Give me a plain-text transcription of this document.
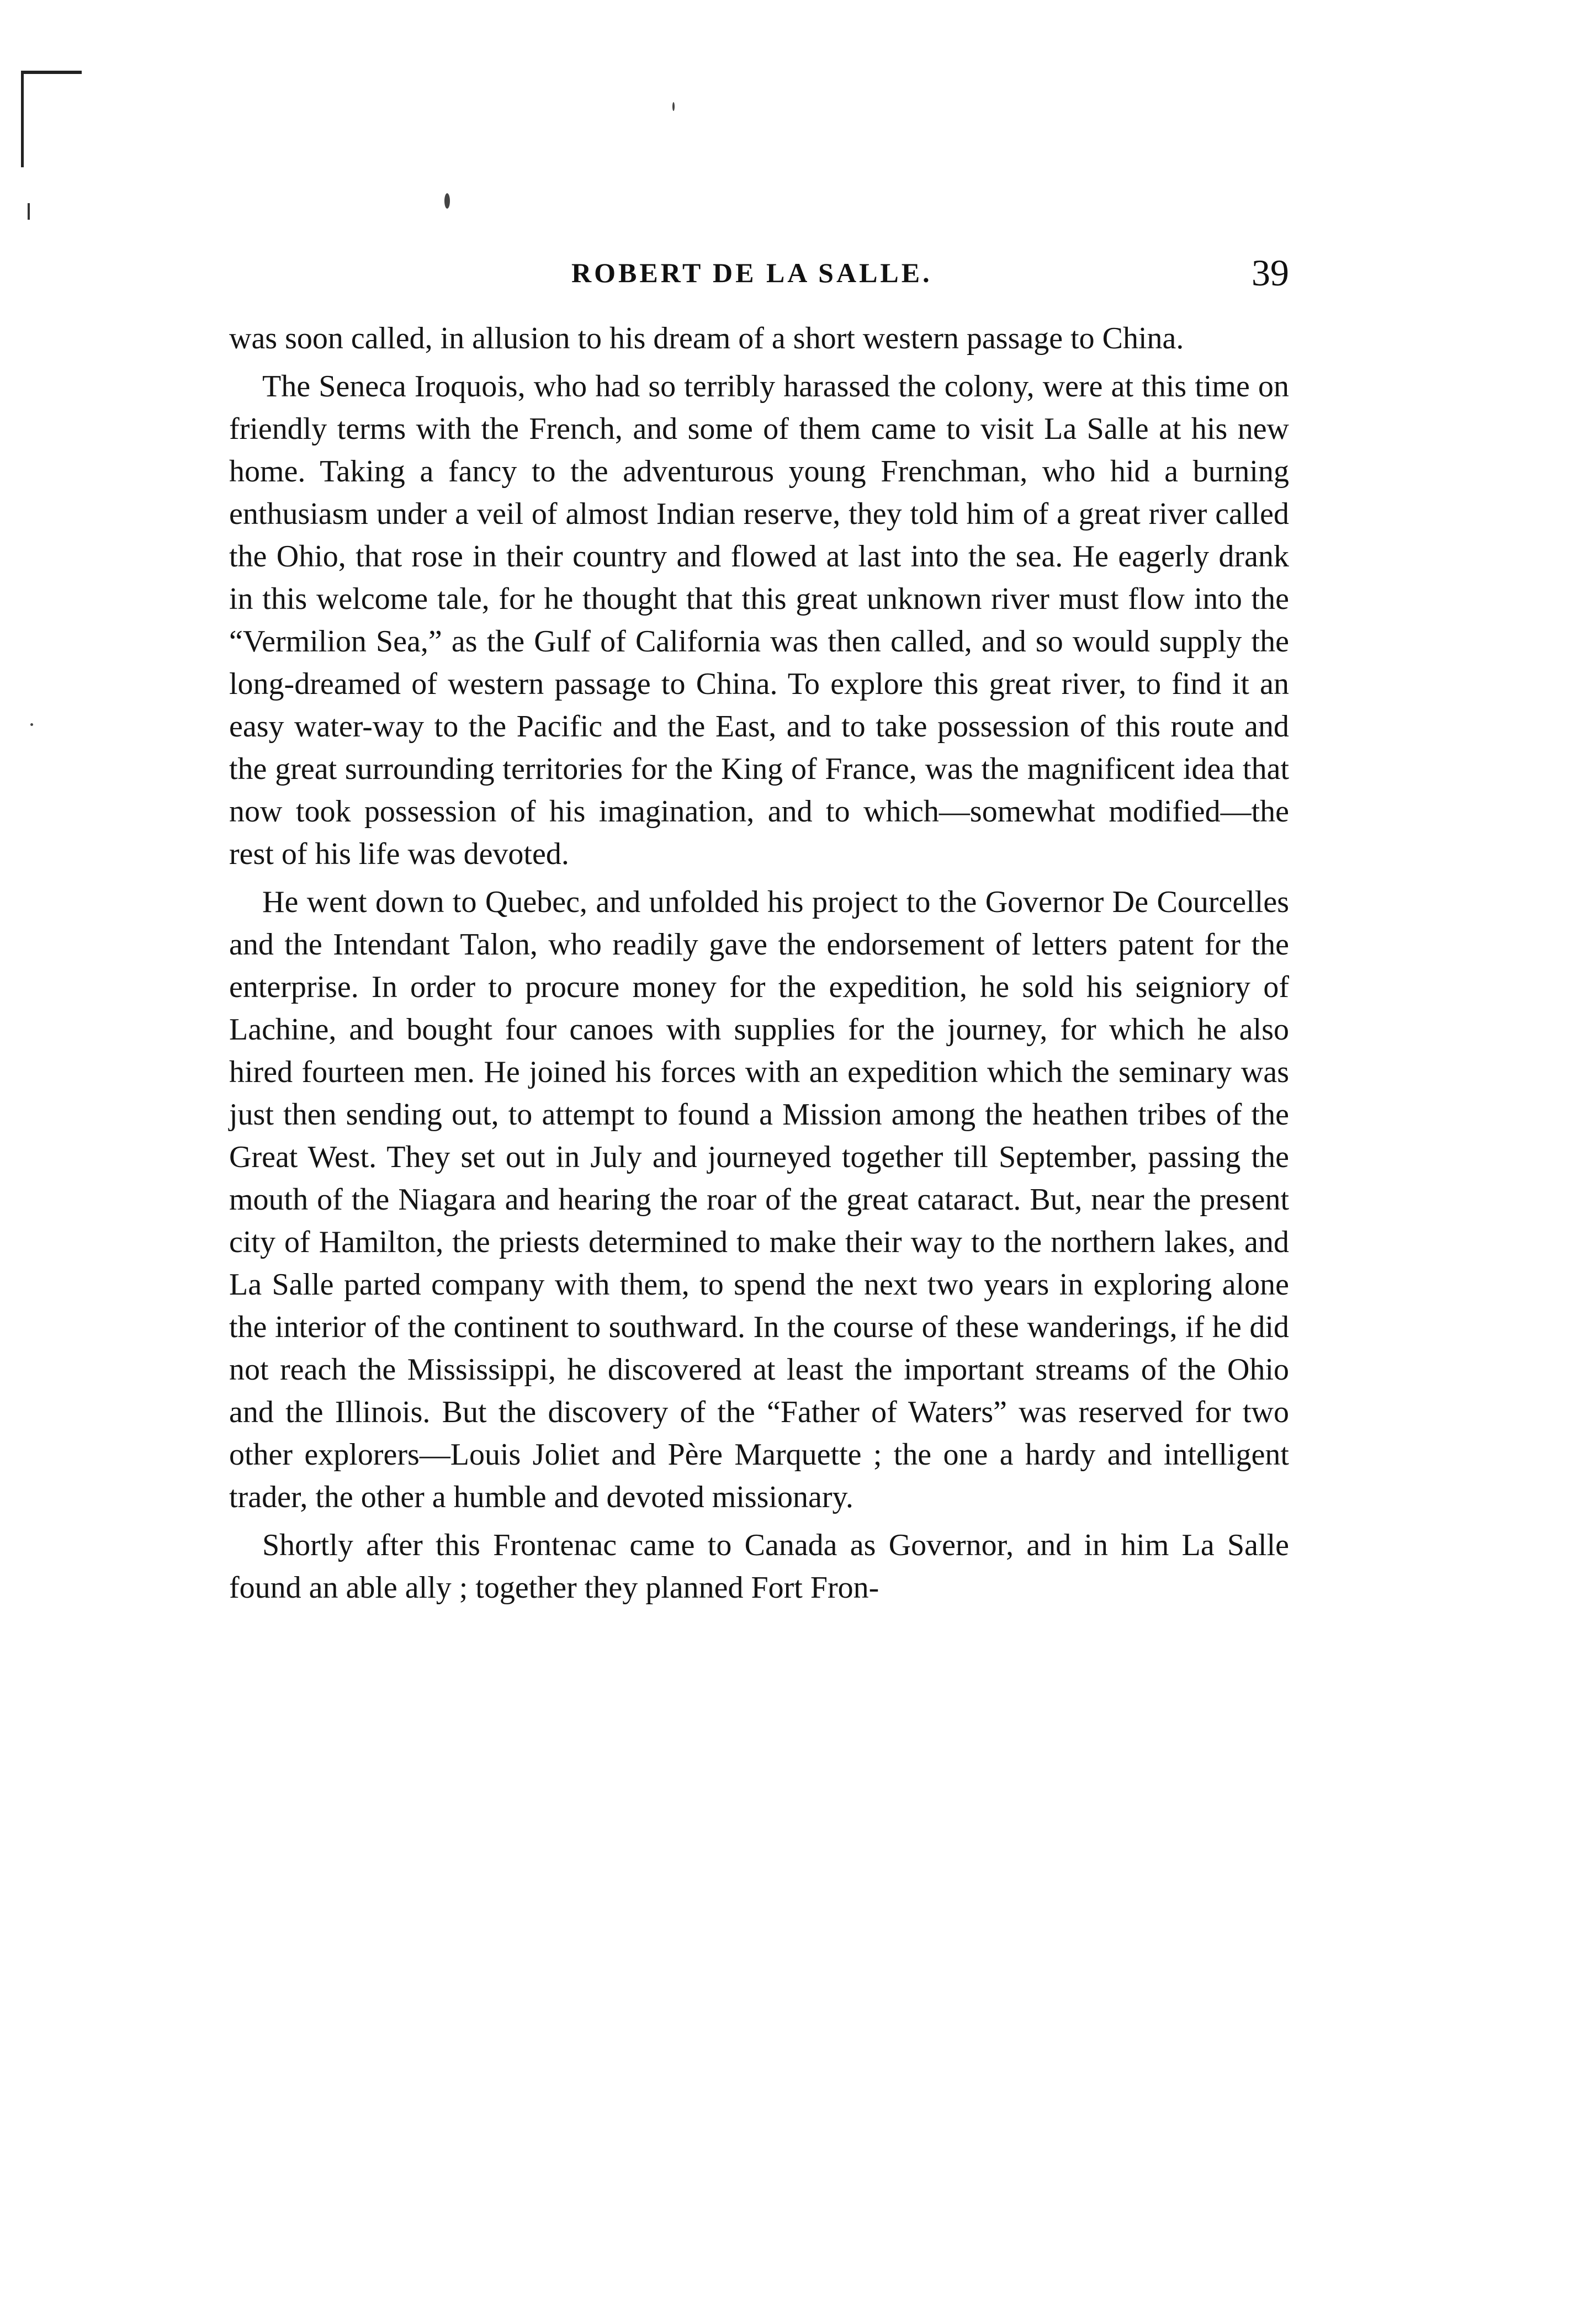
ROBERT DE LA SALLE.	39

was soon called, in allusion to his dream of a short western passage to China.

The Seneca Iroquois, who had so terribly harassed the colony, were at this time on friendly terms with the French, and some of them came to visit La Salle at his new home. Taking a fancy to the adventurous young Frenchman, who hid a burning enthusiasm under a veil of almost Indian reserve, they told him of a great river called the Ohio, that rose in their country and flowed at last into the sea. He eagerly drank in this welcome tale, for he thought that this great unknown river must flow into the “Vermilion Sea,” as the Gulf of California was then called, and so would supply the long-dreamed of western passage to China. To explore this great river, to find it an easy water-way to the Pacific and the East, and to take possession of this route and the great surrounding territories for the King of France, was the magnificent idea that now took possession of his imagination, and to which—somewhat modified—the rest of his life was devoted.

He went down to Quebec, and unfolded his project to the Governor De Courcelles and the Intendant Talon, who readily gave the endorsement of letters patent for the enterprise. In order to procure money for the expedition, he sold his seigniory of Lachine, and bought four canoes with supplies for the journey, for which he also hired fourteen men. He joined his forces with an expedition which the seminary was just then sending out, to attempt to found a Mission among the heathen tribes of the Great West. They set out in July and journeyed together till September, passing the mouth of the Niagara and hearing the roar of the great cataract. But, near the present city of Hamilton, the priests determined to make their way to the northern lakes, and La Salle parted company with them, to spend the next two years in exploring alone the interior of the continent to southward. In the course of these wanderings, if he did not reach the Mississippi, he discovered at least the important streams of the Ohio and the Illinois. But the discovery of the “Father of Waters” was reserved for two other explorers—Louis Joliet and Père Marquette ; the one a hardy and intelligent trader, the other a humble and devoted missionary.

Shortly after this Frontenac came to Canada as Governor, and in him La Salle found an able ally ; together they planned Fort Fron-
